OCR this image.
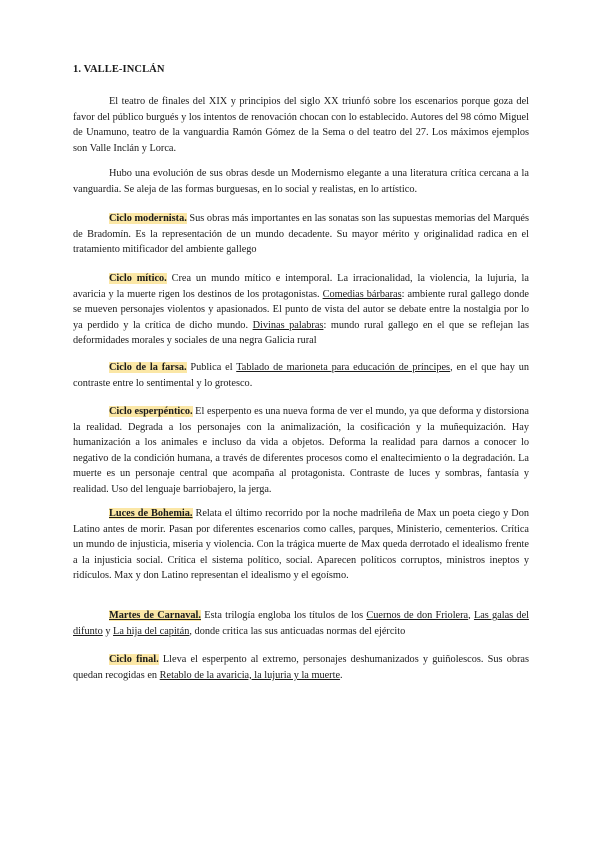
1. VALLE-INCLÁN

El teatro de finales del XIX y principios del siglo XX triunfó sobre los escenarios porque goza del favor del público burgués y los intentos de renovación chocan con lo establecido. Autores del 98 cómo Miguel de Unamuno, teatro de la vanguardia Ramón Gómez de la Sema o del teatro del 27. Los máximos ejemplos son Valle Inclán y Lorca.

Hubo una evolución de sus obras desde un Modernismo elegante a una literatura crítica cercana a la vanguardia. Se aleja de las formas burguesas, en lo social y realistas, en lo artístico.

Ciclo modernista. Sus obras más importantes en las sonatas son las supuestas memorias del Marqués de Bradomín. Es la representación de un mundo decadente. Su mayor mérito y originalidad radica en el tratamiento mitificador del ambiente gallego

Ciclo mítico. Crea un mundo mítico e intemporal. La irracionalidad, la violencia, la lujuria, la avaricia y la muerte rigen los destinos de los protagonistas. Comedias bárbaras: ambiente rural gallego donde se mueven personajes violentos y apasionados. El punto de vista del autor se debate entre la nostalgia por lo ya perdido y la crítica de dicho mundo. Divinas palabras: mundo rural gallego en el que se reflejan las deformidades morales y sociales de una negra Galicia rural

Ciclo de la farsa. Publica el Tablado de marioneta para educación de príncipes, en el que hay un contraste entre lo sentimental y lo grotesco.

Ciclo esperpéntico. El esperpento es una nueva forma de ver el mundo, ya que deforma y distorsiona la realidad. Degrada a los personajes con la animalización, la cosificación y la muñequización. Hay humanización a los animales e incluso da vida a objetos. Deforma la realidad para darnos a conocer lo negativo de la condición humana, a través de diferentes procesos como el enaltecimiento o la degradación. La muerte es un personaje central que acompaña al protagonista. Contraste de luces y sombras, fantasía y realidad. Uso del lenguaje barriobajero, la jerga.

Luces de Bohemia. Relata el último recorrido por la noche madrileña de Max un poeta ciego y Don Latino antes de morir. Pasan por diferentes escenarios como calles, parques, Ministerio, cementerios. Crítica un mundo de injusticia, miseria y violencia. Con la trágica muerte de Max queda derrotado el idealismo frente a la injusticia social. Crítica el sistema político, social. Aparecen políticos corruptos, ministros ineptos y ridículos. Max y don Latino representan el idealismo y el egoísmo.

Martes de Carnaval. Esta trilogía engloba los títulos de los Cuernos de don Friolera, Las galas del difunto y La hija del capitán, donde critica las sus anticuadas normas del ejército

Ciclo final. Lleva el esperpento al extremo, personajes deshumanizados y guiñolescos. Sus obras quedan recogidas en Retablo de la avaricia, la lujuria y la muerte.
